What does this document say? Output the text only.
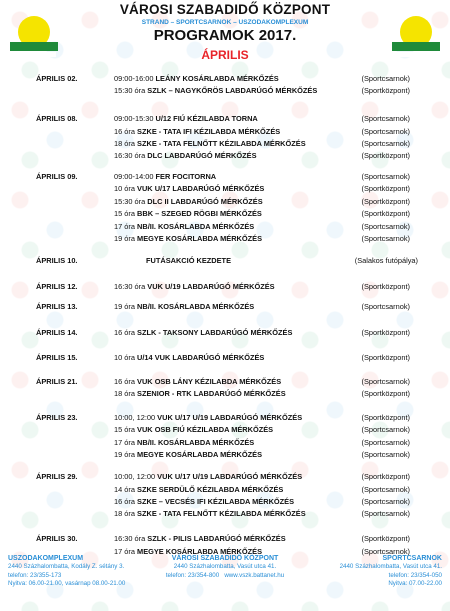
VÁROSI SZABADIDŐ KÖZPONT
STRAND – SPORTCSARNOK – USZODAKOMPLEXUM
PROGRAMOK 2017.
ÁPRILIS
ÁPRILIS 02.	09:00-16:00 LEÁNY KOSÁRLABDA MÉRKŐZÉS	(Sportcsarnok)
15:30 óra SZLK – NAGYKŐRÖS LABDARÚGÓ MÉRKŐZÉS	(Sportközpont)
ÁPRILIS 08.	09:00-15:30 U/12 FIÚ KÉZILABDA TORNA	(Sportcsarnok)
16 óra SZKE - TATA IFI KÉZILABDA MÉRKŐZÉS	(Sportcsarnok)
18 óra SZKE - TATA FELNŐTT KÉZILABDA MÉRKŐZÉS	(Sportcsarnok)
16:30 óra DLC LABDARÚGÓ MÉRKŐZÉS	(Sportközpont)
ÁPRILIS 09.	09:00-14:00 FER FOCITORNA	(Sportcsarnok)
10 óra VUK U/17 LABDARÚGÓ MÉRKŐZÉS	(Sportközpont)
15:30 óra DLC II LABDARÚGÓ MÉRKŐZÉS	(Sportközpont)
15 óra BBK – SZEGED RÖGBI MÉRKŐZÉS	(Sportközpont)
17 óra NB/II. KOSÁRLABDA MÉRKŐZÉS	(Sportcsarnok)
19 óra MEGYE KOSÁRLABDA MÉRKŐZÉS	(Sportcsarnok)
ÁPRILIS 10.	FUTÁSAKCIÓ KEZDETE	(Salakos futópálya)
ÁPRILIS 12.	16:30 óra VUK U/19 LABDARÚGÓ MÉRKŐZÉS	(Sportközpont)
ÁPRILIS 13.	19 óra NB/II. KOSÁRLABDA MÉRKŐZÉS	(Sportcsarnok)
ÁPRILIS 14.	16 óra SZLK - TAKSONY LABDARÚGÓ MÉRKŐZÉS	(Sportközpont)
ÁPRILIS 15.	10 óra U/14 VUK LABDARÚGÓ MÉRKŐZÉS	(Sportközpont)
ÁPRILIS 21.	16 óra VUK OSB LÁNY KÉZILABDA MÉRKŐZÉS	(Sportcsarnok)
18 óra SZENIOR - RTK LABDARÚGÓ MÉRKŐZÉS	(Sportközpont)
ÁPRILIS 23.	10:00, 12:00 VUK U/17 U/19 LABDARÚGÓ MÉRKŐZÉS	(Sportközpont)
15 óra VUK OSB FIÚ KÉZILABDA MÉRKŐZÉS	(Sportcsarnok)
17 óra NB/II. KOSÁRLABDA MÉRKŐZÉS	(Sportcsarnok)
19 óra MEGYE KOSÁRLABDA MÉRKŐZÉS	(Sportcsarnok)
ÁPRILIS 29.	10:00, 12:00 VUK U/17 U/19 LABDARÚGÓ MÉRKŐZÉS	(Sportközpont)
14 óra SZKE SERDÜLŐ KÉZILABDA MÉRKŐZÉS	(Sportcsarnok)
16 óra SZKE – VECSÉS IFI KÉZILABDA MÉRKŐZÉS	(Sportcsarnok)
18 óra SZKE - TATA FELNŐTT KÉZILABDA MÉRKŐZÉS	(Sportcsarnok)
ÁPRILIS 30.	16:30 óra SZLK - PILIS LABDARÚGÓ MÉRKŐZÉS	(Sportközpont)
17 óra MEGYE KOSÁRLABDA MÉRKŐZÉS	(Sportcsarnok)
USZODAKOMPLEXUM
2440 Százhalombatta, Kodály Z. sétány 3.
telefon: 23/355-173
Nyitva: 06.00-21.00, vasárnap 08.00-21.00
VÁROSI SZABADIDŐ KÖZPONT
2440 Százhalombatta, Vasút utca 41.
telefon: 23/354-800 www.vszk.battanet.hu
SPORTCSARNOK
2440 Százhalombatta, Vasút utca 41.
telefon: 23/354-050
Nyitva: 07.00-22.00
